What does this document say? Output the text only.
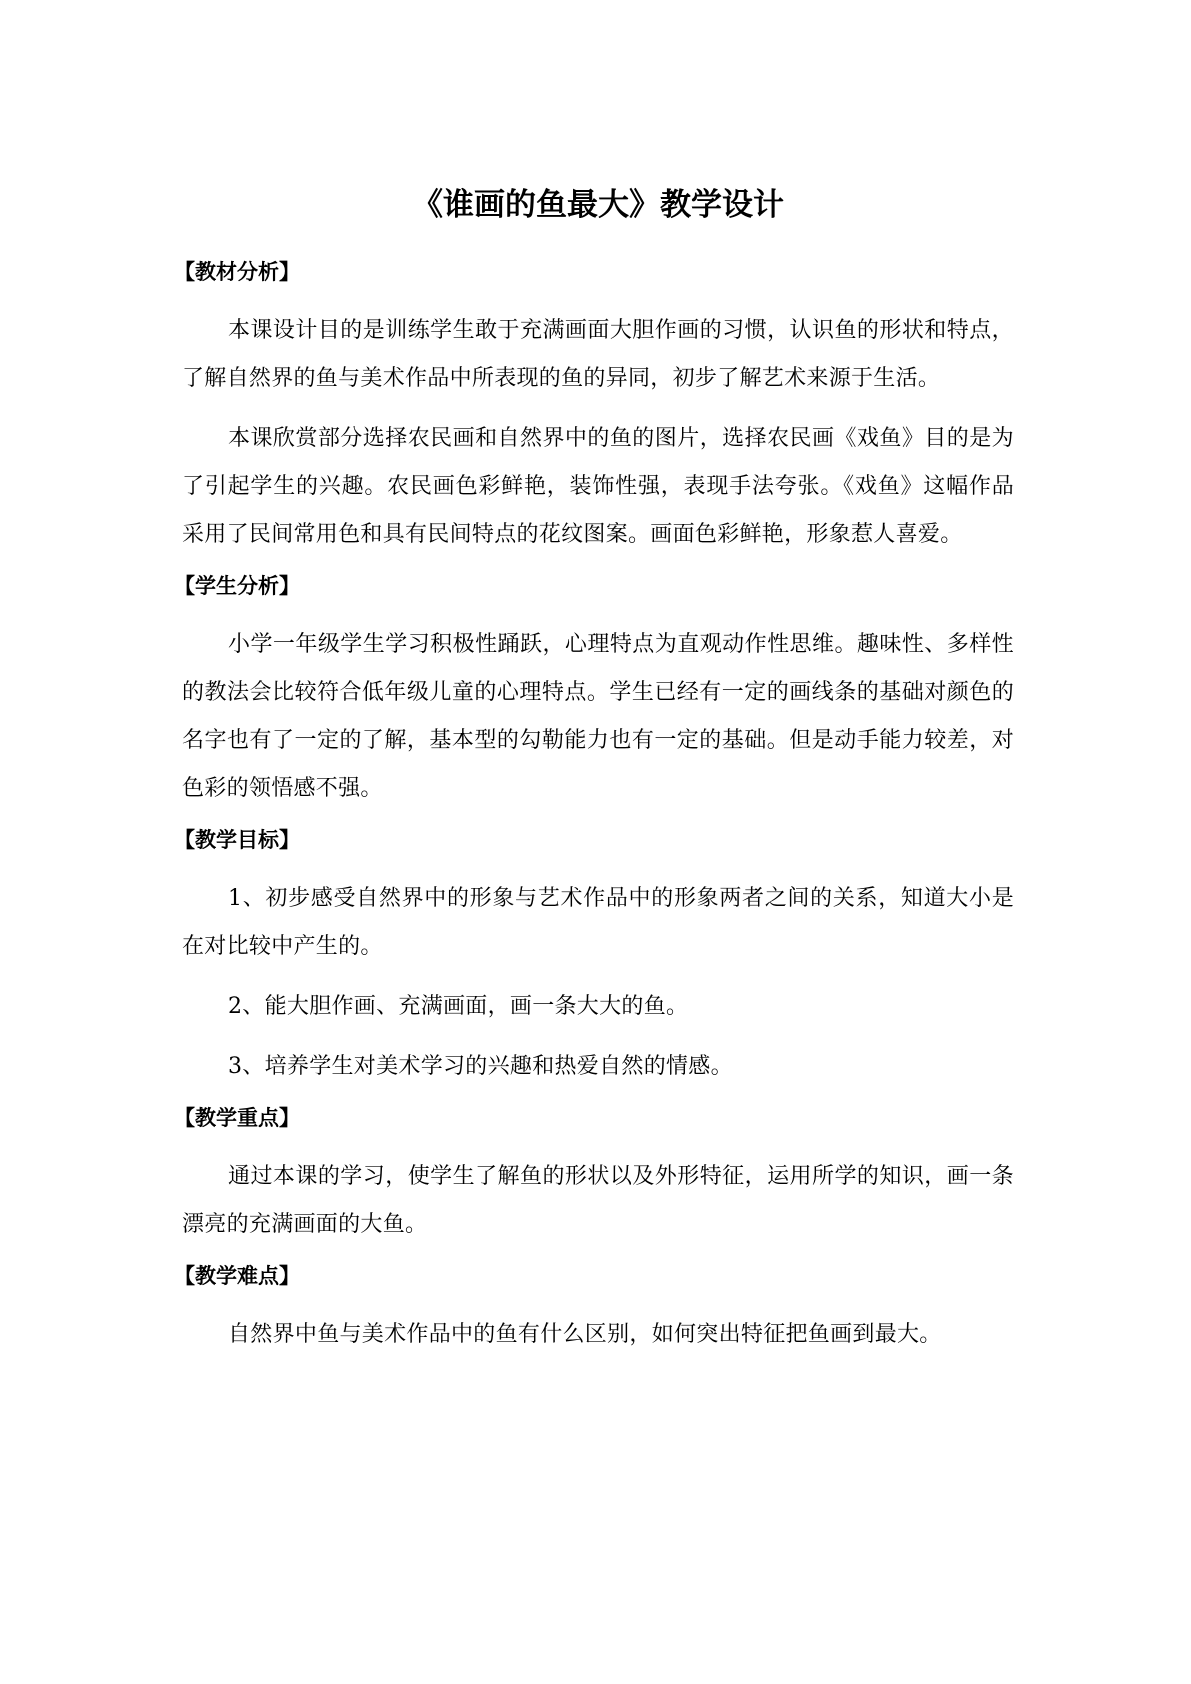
《谁画的鱼最大》教学设计
【教材分析】

本课设计目的是训练学生敢于充满画面大胆作画的习惯，认识鱼的形状和特点，了解自然界的鱼与美术作品中所表现的鱼的异同，初步了解艺术来源于生活。

本课欣赏部分选择农民画和自然界中的鱼的图片，选择农民画《戏鱼》目的是为了引起学生的兴趣。农民画色彩鲜艳，装饰性强，表现手法夸张。《戏鱼》这幅作品采用了民间常用色和具有民间特点的花纹图案。画面色彩鲜艳，形象惹人喜爱。

【学生分析】

小学一年级学生学习积极性踊跃，心理特点为直观动作性思维。趣味性、多样性的教法会比较符合低年级儿童的心理特点。学生已经有一定的画线条的基础对颜色的名字也有了一定的了解，基本型的勾勒能力也有一定的基础。但是动手能力较差，对色彩的领悟感不强。

【教学目标】

1、初步感受自然界中的形象与艺术作品中的形象两者之间的关系，知道大小是在对比较中产生的。

2、能大胆作画、充满画面，画一条大大的鱼。

3、培养学生对美术学习的兴趣和热爱自然的情感。

【教学重点】

通过本课的学习，使学生了解鱼的形状以及外形特征，运用所学的知识，画一条漂亮的充满画面的大鱼。

【教学难点】

自然界中鱼与美术作品中的鱼有什么区别，如何突出特征把鱼画到最大。
